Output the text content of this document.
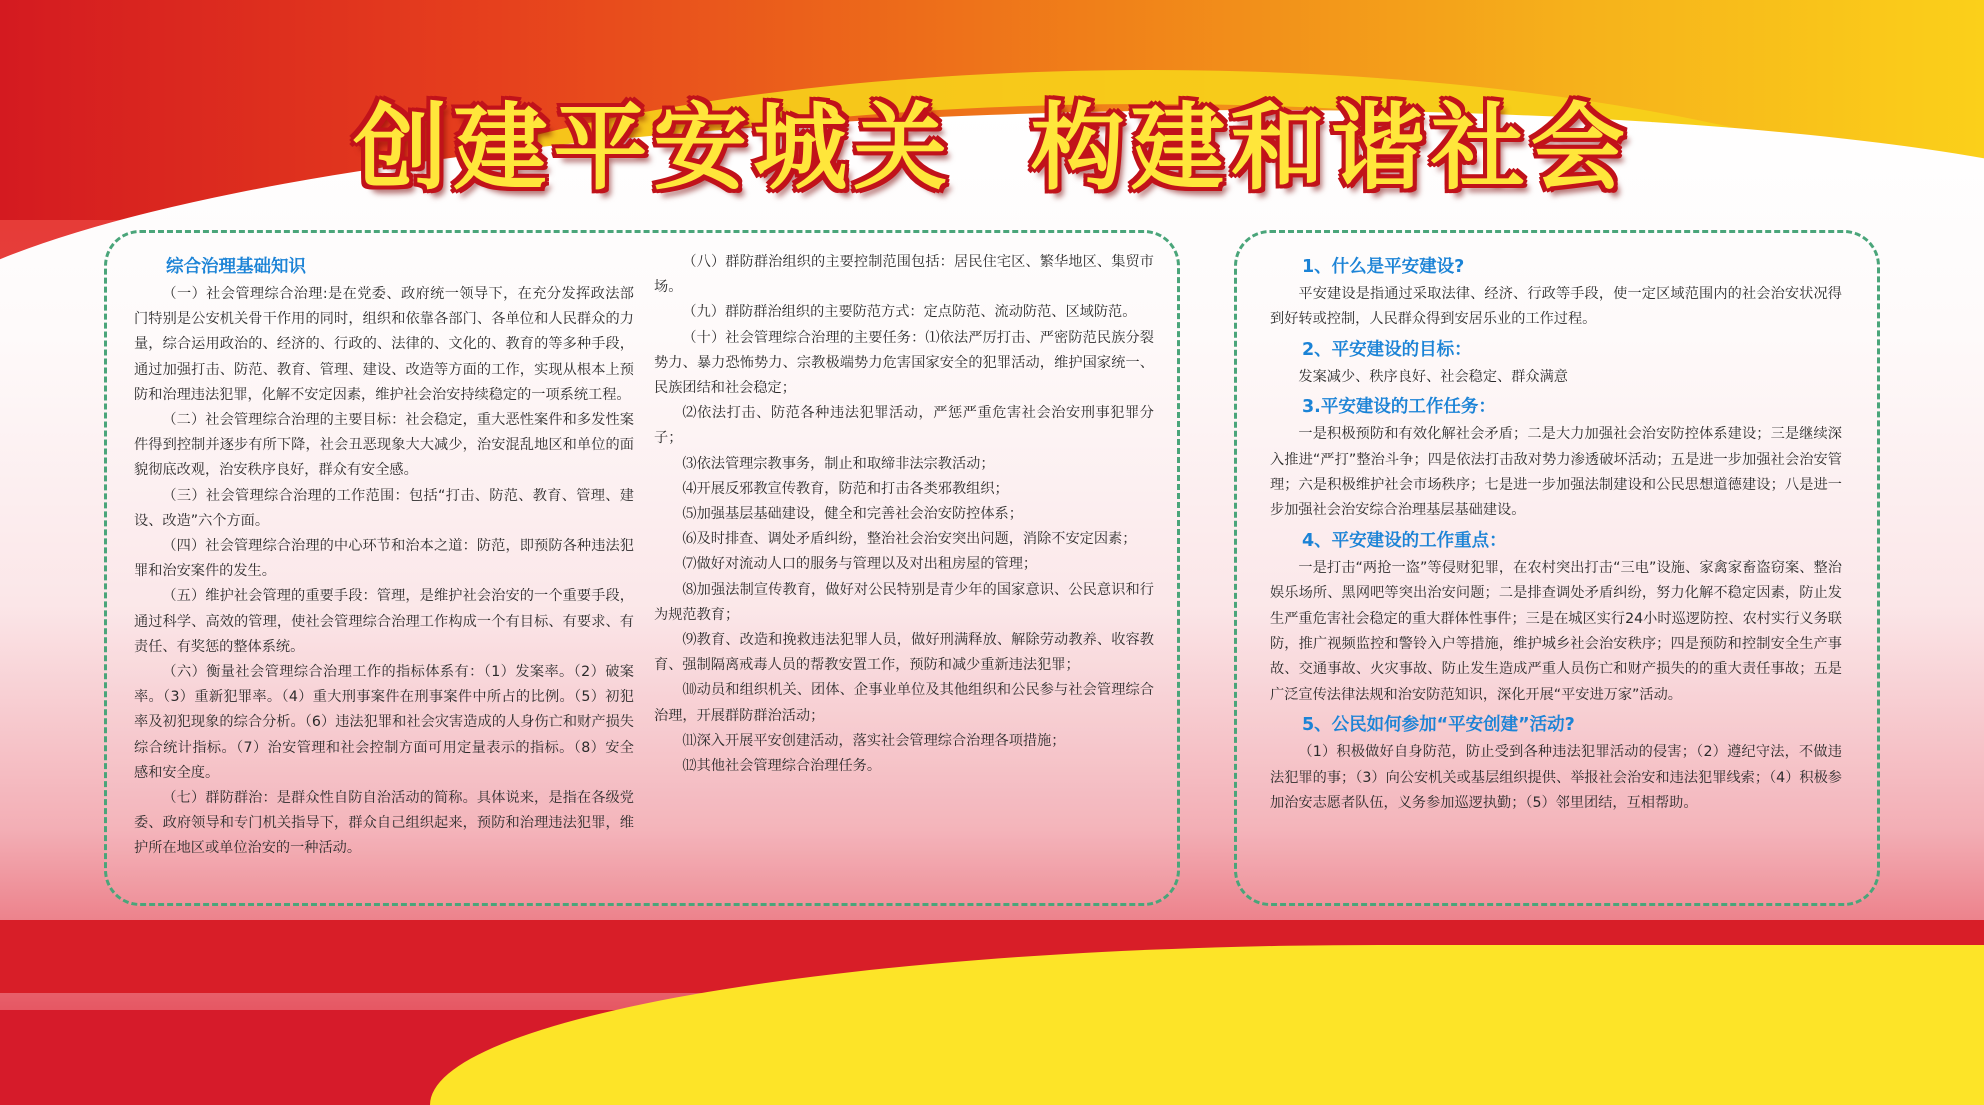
创建平安城关  构建和谐社会

综合治理基础知识

（一）社会管理综合治理:是在党委、政府统一领导下，在充分发挥政法部门特别是公安机关骨干作用的同时，组织和依靠各部门、各单位和人民群众的力量，综合运用政治的、经济的、行政的、法律的、文化的、教育的等多种手段，通过加强打击、防范、教育、管理、建设、改造等方面的工作，实现从根本上预防和治理违法犯罪，化解不安定因素，维护社会治安持续稳定的一项系统工程。

（二）社会管理综合治理的主要目标：社会稳定，重大恶性案件和多发性案件得到控制并逐步有所下降，社会丑恶现象大大减少，治安混乱地区和单位的面貌彻底改观，治安秩序良好，群众有安全感。

（三）社会管理综合治理的工作范围：包括“打击、防范、教育、管理、建设、改造”六个方面。

（四）社会管理综合治理的中心环节和治本之道：防范，即预防各种违法犯罪和治安案件的发生。

（五）维护社会管理的重要手段：管理，是维护社会治安的一个重要手段，通过科学、高效的管理，使社会管理综合治理工作构成一个有目标、有要求、有责任、有奖惩的整体系统。

（六）衡量社会管理综合治理工作的指标体系有：（1）发案率。（2）破案率。（3）重新犯罪率。（4）重大刑事案件在刑事案件中所占的比例。（5）初犯率及初犯现象的综合分析。（6）违法犯罪和社会灾害造成的人身伤亡和财产损失综合统计指标。（7）治安管理和社会控制方面可用定量表示的指标。（8）安全感和安全度。

（七）群防群治：是群众性自防自治活动的简称。具体说来，是指在各级党委、政府领导和专门机关指导下，群众自己组织起来，预防和治理违法犯罪，维护所在地区或单位治安的一种活动。

（八）群防群治组织的主要控制范围包括：居民住宅区、繁华地区、集贸市场。

（九）群防群治组织的主要防范方式：定点防范、流动防范、区域防范。

（十）社会管理综合治理的主要任务：⑴依法严厉打击、严密防范民族分裂势力、暴力恐怖势力、宗教极端势力危害国家安全的犯罪活动，维护国家统一、民族团结和社会稳定；

⑵依法打击、防范各种违法犯罪活动，严惩严重危害社会治安刑事犯罪分子；

⑶依法管理宗教事务，制止和取缔非法宗教活动；

⑷开展反邪教宣传教育，防范和打击各类邪教组织；

⑸加强基层基础建设，健全和完善社会治安防控体系；

⑹及时排查、调处矛盾纠纷，整治社会治安突出问题，消除不安定因素；

⑺做好对流动人口的服务与管理以及对出租房屋的管理；

⑻加强法制宣传教育，做好对公民特别是青少年的国家意识、公民意识和行为规范教育；

⑼教育、改造和挽救违法犯罪人员，做好刑满释放、解除劳动教养、收容教育、强制隔离戒毒人员的帮教安置工作，预防和减少重新违法犯罪；

⑽动员和组织机关、团体、企事业单位及其他组织和公民参与社会管理综合治理，开展群防群治活动；

⑾深入开展平安创建活动，落实社会管理综合治理各项措施；

⑿其他社会管理综合治理任务。

1、什么是平安建设?

平安建设是指通过采取法律、经济、行政等手段，使一定区域范围内的社会治安状况得到好转或控制，人民群众得到安居乐业的工作过程。

2、平安建设的目标：

发案减少、秩序良好、社会稳定、群众满意

3.平安建设的工作任务：

一是积极预防和有效化解社会矛盾；二是大力加强社会治安防控体系建设；三是继续深入推进“严打”整治斗争；四是依法打击敌对势力渗透破坏活动；五是进一步加强社会治安管理；六是积极维护社会市场秩序；七是进一步加强法制建设和公民思想道德建设；八是进一步加强社会治安综合治理基层基础建设。

4、平安建设的工作重点：

一是打击“两抢一盗”等侵财犯罪，在农村突出打击“三电”设施、家禽家畜盗窃案、整治娱乐场所、黑网吧等突出治安问题；二是排查调处矛盾纠纷，努力化解不稳定因素，防止发生严重危害社会稳定的重大群体性事件；三是在城区实行24小时巡逻防控、农村实行义务联防，推广视频监控和警铃入户等措施，维护城乡社会治安秩序；四是预防和控制安全生产事故、交通事故、火灾事故、防止发生造成严重人员伤亡和财产损失的的重大责任事故；五是广泛宣传法律法规和治安防范知识，深化开展“平安进万家”活动。

5、公民如何参加“平安创建”活动?

（1）积极做好自身防范，防止受到各种违法犯罪活动的侵害；（2）遵纪守法，不做违法犯罪的事；（3）向公安机关或基层组织提供、举报社会治安和违法犯罪线索；（4）积极参加治安志愿者队伍，义务参加巡逻执勤；（5）邻里团结，互相帮助。
